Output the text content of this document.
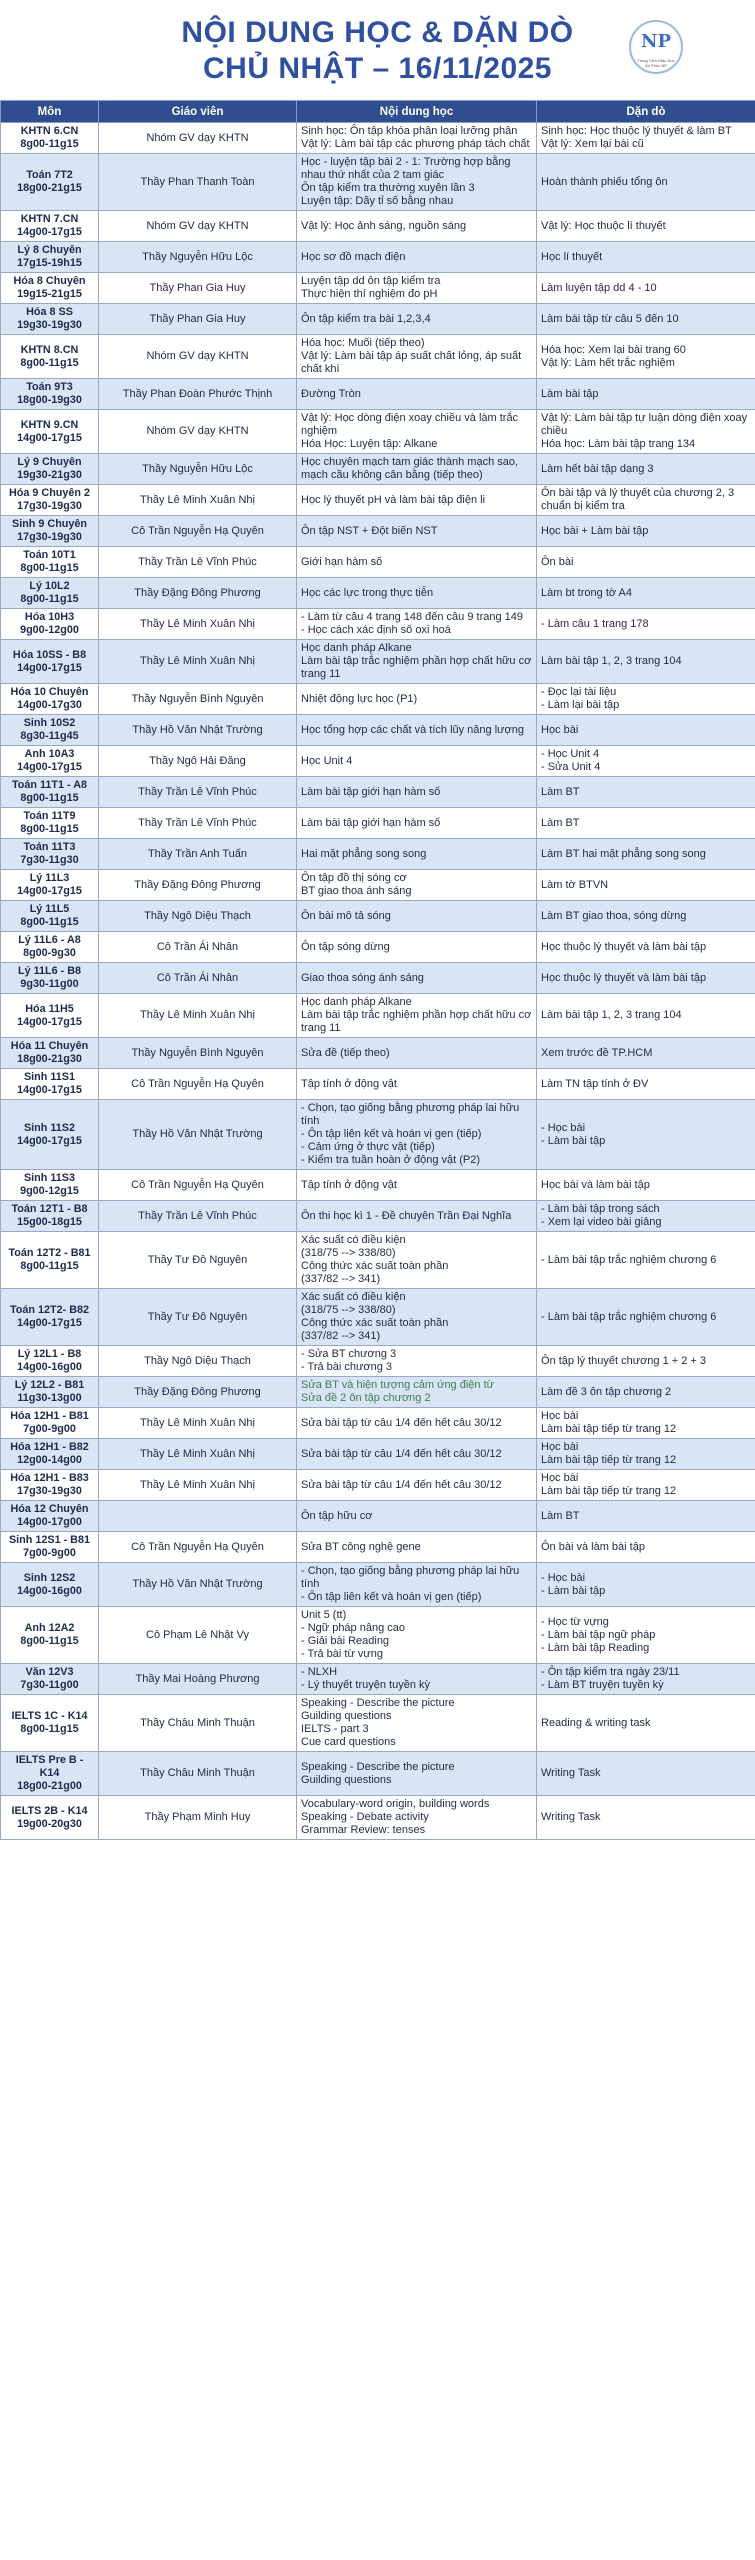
NỘI DUNG HỌC & DẶN DÒ
CHỦ NHẬT – 16/11/2025
NP
Trung Tâm Giáo Dục Ân Phúc NP
Môn	Giáo viên	Nội dung học	Dặn dò
KHTN 6.CN
8g00-11g15	Nhóm GV dạy KHTN	Sinh học: Ôn tập khóa phân loại lưỡng phân
Vật lý: Làm bài tập các phương pháp tách chất	Sinh học: Học thuộc lý thuyết & làm BT
Vật lý: Xem lại bài cũ
Toán 7T2
18g00-21g15	Thầy Phan Thanh Toàn	Học - luyện tập bài 2 - 1: Trường hợp bằng nhau thứ nhất của 2 tam giác
Ôn tập kiểm tra thường xuyên lần 3
Luyện tập: Dãy tỉ số bằng nhau	Hoàn thành phiếu tổng ôn
KHTN 7.CN
14g00-17g15	Nhóm GV dạy KHTN	Vật lý: Học ảnh sáng, nguồn sáng	Vật lý: Học thuộc lí thuyết
Lý 8 Chuyên
17g15-19h15	Thầy Nguyễn Hữu Lộc	Học sơ đồ mạch điện	Học lí thuyết
Hóa 8 Chuyên
19g15-21g15	Thầy Phan Gia Huy	Luyện tập dd ôn tập kiểm tra
Thực hiện thí nghiệm đo pH	Làm luyện tập dd 4 - 10
Hóa 8 SS
19g30-19g30	Thầy Phan Gia Huy	Ôn tập kiểm tra bài 1,2,3,4	Làm bài tập từ câu 5 đến 10
KHTN 8.CN
8g00-11g15	Nhóm GV dạy KHTN	Hóa học: Muối (tiếp theo)
Vật lý: Làm bài tập áp suất chất lỏng, áp suất chất khí	Hóa học: Xem lại bài trang 60
Vật lý: Làm hết trắc nghiệm
Toán 9T3
18g00-19g30	Thầy Phan Đoàn Phước Thịnh	Đường Tròn	Làm bài tập
KHTN 9.CN
14g00-17g15	Nhóm GV dạy KHTN	Vật lý: Học dòng điện xoay chiều và làm trắc nghiệm
Hóa Học: Luyện tập: Alkane	Vật lý: Làm bài tập tự luận dòng điện xoay chiều
Hóa học: Làm bài tập trang 134
Lý 9 Chuyên
19g30-21g30	Thầy Nguyễn Hữu Lộc	Học chuyên mạch tam giác thành mạch sao, mạch cầu không cân bằng (tiếp theo)	Làm hết bài tập dạng 3
Hóa 9 Chuyên 2
17g30-19g30	Thầy Lê Minh Xuân Nhị	Học lý thuyết pH và làm bài tập điện li	Ôn bài tập và lý thuyết của chương 2, 3 chuẩn bị kiểm tra
Sinh 9 Chuyên
17g30-19g30	Cô Trần Nguyễn Hạ Quyên	Ôn tập NST + Đột biến NST	Học bài + Làm bài tập
Toán 10T1
8g00-11g15	Thầy Trần Lê Vĩnh Phúc	Giới hạn hàm số	Ôn bài
Lý 10L2
8g00-11g15	Thầy Đặng Đông Phương	Học các lực trong thực tiễn	Làm bt trong tờ A4
Hóa 10H3
9g00-12g00	Thầy Lê Minh Xuân Nhị	- Làm từ câu 4 trang 148 đến câu 9 trang 149
- Học cách xác định số oxi hoá	- Làm câu 1 trang 178
Hóa 10SS - B8
14g00-17g15	Thầy Lê Minh Xuân Nhị	Học danh pháp Alkane
Làm bài tập trắc nghiệm phần hợp chất hữu cơ trang 11	Làm bài tập 1, 2, 3 trang 104
Hóa 10 Chuyên
14g00-17g30	Thầy Nguyễn Bình Nguyên	Nhiệt động lực học (P1)	- Đọc lại tài liệu
- Làm lại bài tập
Sinh 10S2
8g30-11g45	Thầy Hồ Văn Nhật Trường	Học tổng hợp các chất và tích lũy năng lượng	Học bài
Anh 10A3
14g00-17g15	Thầy Ngô Hải Đăng	Học Unit 4	- Học Unit 4
- Sửa Unit 4
Toán 11T1 - A8
8g00-11g15	Thầy Trần Lê Vĩnh Phúc	Làm bài tập giới hạn hàm số	Làm BT
Toán 11T9
8g00-11g15	Thầy Trần Lê Vĩnh Phúc	Làm bài tập giới hạn hàm số	Làm BT
Toán 11T3
7g30-11g30	Thầy Trần Anh Tuấn	Hai mặt phẳng song song	Làm BT hai mặt phẳng song song
Lý 11L3
14g00-17g15	Thầy Đặng Đông Phương	Ôn tập đồ thị sóng cơ
BT giao thoa ánh sáng	Làm tờ BTVN
Lý 11L5
8g00-11g15	Thầy Ngô Diệu Thạch	Ôn bài mô tả sóng	Làm BT giao thoa, sóng dừng
Lý 11L6 - A8
8g00-9g30	Cô Trần Ái Nhân	Ôn tập sóng dừng	Học thuộc lý thuyết và làm bài tập
Lý 11L6 - B8
9g30-11g00	Cô Trần Ái Nhân	Giao thoa sóng ánh sáng	Học thuộc lý thuyết và làm bài tập
Hóa 11H5
14g00-17g15	Thầy Lê Minh Xuân Nhị	Học danh pháp Alkane
Làm bài tập trắc nghiệm phần hợp chất hữu cơ trang 11	Làm bài tập 1, 2, 3 trang 104
Hóa 11 Chuyên
18g00-21g30	Thầy Nguyễn Bình Nguyên	Sửa đề (tiếp theo)	Xem trước đề TP.HCM
Sinh 11S1
14g00-17g15	Cô Trần Nguyễn Hạ Quyên	Tập tính ở động vật	Làm TN tập tính ở ĐV
Sinh 11S2
14g00-17g15	Thầy Hồ Văn Nhật Trường	- Chọn, tạo giống bằng phương pháp lai hữu tính
- Ôn tập liên kết và hoán vị gen (tiếp)
- Cảm ứng ở thực vật (tiếp)
- Kiểm tra tuần hoàn ở động vật (P2)	- Học bài
- Làm bài tập
Sinh 11S3
9g00-12g15	Cô Trần Nguyễn Hạ Quyên	Tập tính ở động vật	Học bài và làm bài tập
Toán 12T1 - B8
15g00-18g15	Thầy Trần Lê Vĩnh Phúc	Ôn thi học kì 1 - Đề chuyên Trần Đại Nghĩa	- Làm bài tập trong sách
- Xem lại video bài giảng
Toán 12T2 - B81
8g00-11g15	Thầy Tư Đô Nguyên	Xác suất có điều kiện
(318/75 --> 338/80)
Công thức xác suất toàn phần
(337/82 --> 341)	- Làm bài tập trắc nghiệm chương 6
Toán 12T2- B82
14g00-17g15	Thầy Tư Đô Nguyên	Xác suất có điều kiện
(318/75 --> 338/80)
Công thức xác suất toàn phần
(337/82 --> 341)	- Làm bài tập trắc nghiệm chương 6
Lý 12L1 - B8
14g00-16g00	Thầy Ngô Diệu Thạch	- Sửa BT chương 3
- Trả bài chương 3	Ôn tập lý thuyết chương 1 + 2 + 3
Lý 12L2 - B81
11g30-13g00	Thầy Đặng Đông Phương	Sửa BT và hiện tượng cảm ứng điện từ
Sửa đề 2 ôn tập chương 2	Làm đề 3 ôn tập chương 2
Hóa 12H1 - B81
7g00-9g00	Thầy Lê Minh Xuân Nhị	Sửa bài tập từ câu 1/4 đến hết câu 30/12	Học bài
Làm bài tập tiếp từ trang 12
Hóa 12H1 - B82
12g00-14g00	Thầy Lê Minh Xuân Nhị	Sửa bài tập từ câu 1/4 đến hết câu 30/12	Học bài
Làm bài tập tiếp từ trang 12
Hóa 12H1 - B83
17g30-19g30	Thầy Lê Minh Xuân Nhị	Sửa bài tập từ câu 1/4 đến hết câu 30/12	Học bài
Làm bài tập tiếp từ trang 12
Hóa 12 Chuyên
14g00-17g00		Ôn tập hữu cơ	Làm BT
Sinh 12S1 - B81
7g00-9g00	Cô Trần Nguyễn Hạ Quyên	Sửa BT công nghệ gene	Ôn bài và làm bài tập
Sinh 12S2
14g00-16g00	Thầy Hồ Văn Nhật Trường	- Chọn, tạo giống bằng phương pháp lai hữu tính
- Ôn tập liên kết và hoán vị gen (tiếp)	- Học bài
- Làm bài tập
Anh 12A2
8g00-11g15	Cô Phạm Lê Nhật Vy	Unit 5 (tt)
- Ngữ pháp nâng cao
- Giải bài Reading
- Trả bài từ vựng	- Học từ vựng
- Làm bài tập ngữ pháp
- Làm bài tập Reading
Văn 12V3
7g30-11g00	Thầy Mai Hoàng Phương	- NLXH
- Lý thuyết truyện tuyền kỳ	- Ôn tập kiểm tra ngày 23/11
- Làm BT truyện tuyền kỳ
IELTS 1C - K14
8g00-11g15	Thầy Châu Minh Thuận	Speaking - Describe the picture
Guilding questions
IELTS - part 3
Cue card questions	Reading & writing task
IELTS Pre B - K14
18g00-21g00	Thầy Châu Minh Thuận	Speaking - Describe the picture
Guilding questions	Writing Task
IELTS 2B - K14
19g00-20g30	Thầy Phạm Minh Huy	Vocabulary-word origin, building words
Speaking - Debate activity
Grammar Review: tenses	Writing Task
